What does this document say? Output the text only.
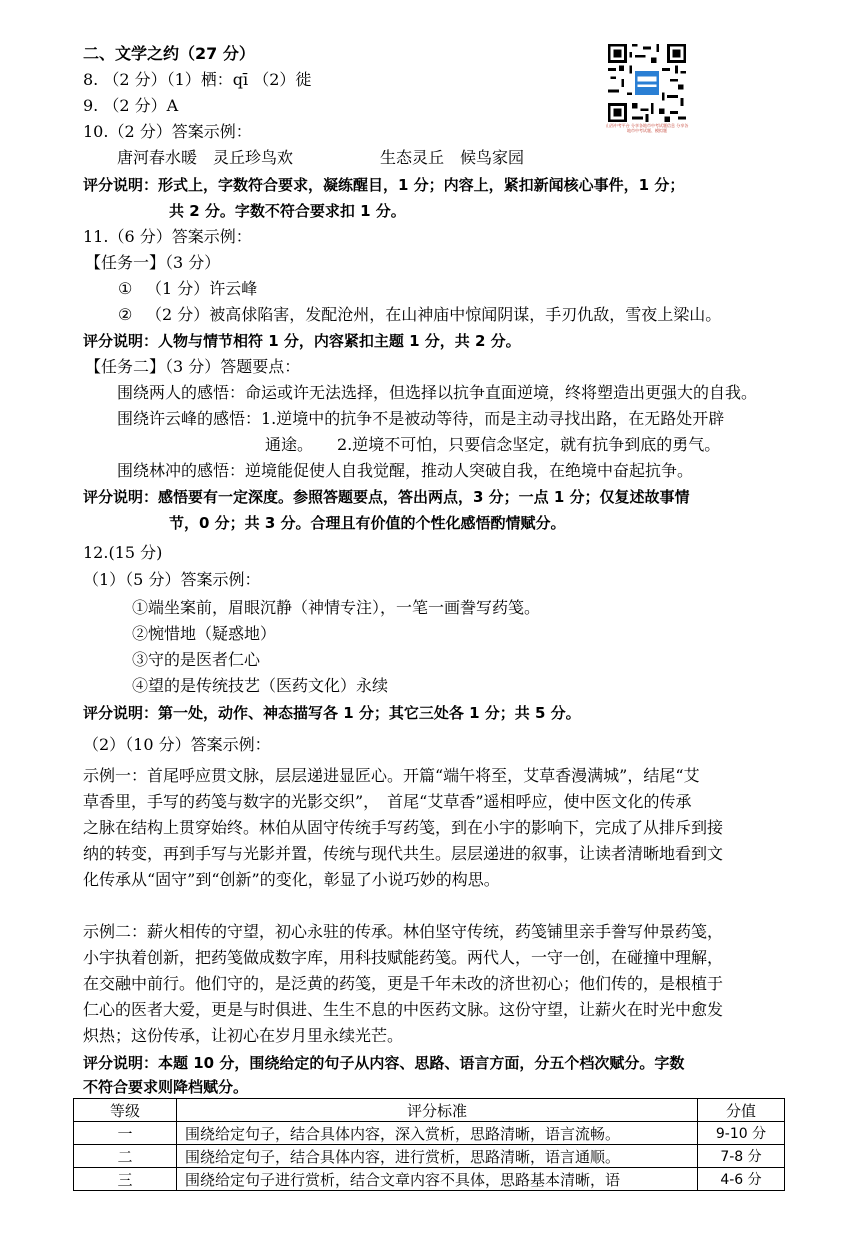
二、文学之约（27 分）
8. （2 分）（1）栖：qī （2）徙
9. （2 分）A
10.（2 分）答案示例：
唐河春水暖　灵丘珍鸟欢	生态灵丘　候鸟家园
评分说明：形式上，字数符合要求，凝练醒目，1 分；内容上，紧扣新闻核心事件，1 分；
共 2 分。字数不符合要求扣 1 分。
11.（6 分）答案示例：
【任务一】（3 分）
① （1 分）许云峰
② （2 分）被高俅陷害，发配沧州，在山神庙中惊闻阴谋，手刃仇敌，雪夜上梁山。
评分说明：人物与情节相符 1 分，内容紧扣主题 1 分，共 2 分。
【任务二】（3 分）答题要点：
围绕两人的感悟：命运或许无法选择，但选择以抗争直面逆境，终将塑造出更强大的自我。
围绕许云峰的感悟：1.逆境中的抗争不是被动等待，而是主动寻找出路，在无路处开辟
通途。　　2.逆境不可怕，只要信念坚定，就有抗争到底的勇气。
围绕林冲的感悟：逆境能促使人自我觉醒，推动人突破自我，在绝境中奋起抗争。
评分说明：感悟要有一定深度。参照答题要点，答出两点，3 分；一点 1 分；仅复述故事情
节，0 分；共 3 分。合理且有价值的个性化感悟酌情赋分。
12.(15 分)
（1）（5 分）答案示例：
①端坐案前，眉眼沉静（神情专注），一笔一画誊写药笺。
②惋惜地（疑惑地）
③守的是医者仁心
④望的是传统技艺（医药文化）永续
评分说明：第一处，动作、神态描写各 1 分；其它三处各 1 分；共 5 分。
（2）（10 分）答案示例：
示例一：首尾呼应贯文脉，层层递进显匠心。开篇“端午将至，艾草香漫满城”，结尾“艾
草香里，手写的药笺与数字的光影交织”，　首尾“艾草香”遥相呼应，使中医文化的传承
之脉在结构上贯穿始终。林伯从固守传统手写药笺，到在小宇的影响下，完成了从排斥到接
纳的转变，再到手写与光影并置，传统与现代共生。层层递进的叙事，让读者清晰地看到文
化传承从“固守”到“创新”的变化，彰显了小说巧妙的构思。
示例二：薪火相传的守望，初心永驻的传承。林伯坚守传统，药笺铺里亲手誊写仲景药笺，
小宇执着创新，把药笺做成数字库，用科技赋能药笺。两代人，一守一创，在碰撞中理解，
在交融中前行。他们守的，是泛黄的药笺，更是千年未改的济世初心；他们传的，是根植于
仁心的医者大爱，更是与时俱进、生生不息的中医药文脉。这份守望，让薪火在时光中愈发
炽热；这份传承，让初心在岁月里永续光芒。
评分说明：本题 10 分，围绕给定的句子从内容、思路、语言方面，分五个档次赋分。字数
不符合要求则降档赋分。
等级	评分标准	分值
一	围绕给定句子，结合具体内容，深入赏析，思路清晰，语言流畅。	9-10 分
二	围绕给定句子，结合具体内容，进行赏析，思路清晰，语言通顺。	7-8 分
三	围绕给定句子进行赏析，结合文章内容不具体，思路基本清晰，语	4-6 分
山西中考平台 分享各地市中考试题信息 分享各地市中考试题、模拟题
